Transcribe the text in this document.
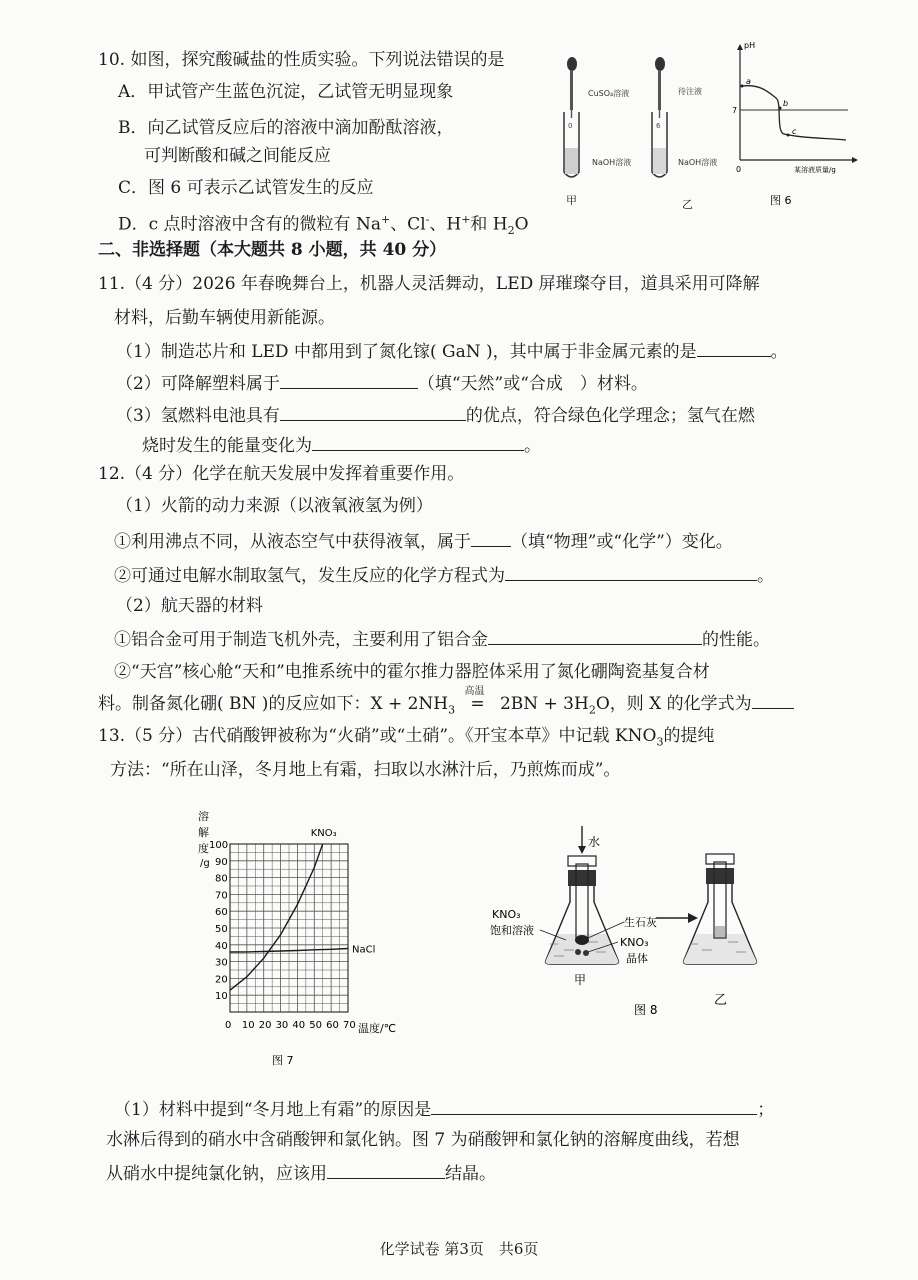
10. 如图，探究酸碱盐的性质实验。下列说法错误的是
A．甲试管产生蓝色沉淀，乙试管无明显现象
B．向乙试管反应后的溶液中滴加酚酞溶液，
可判断酸和碱之间能反应
C．图 6 可表示乙试管发生的反应
D．c 点时溶液中含有的微粒有 Na+、Cl-、H+和 $H_2O$
0
CuSO₄溶液
NaOH溶液
甲
6
待注液
NaOH溶液
乙
pH
7
0	某溶液质量/g
a
b
c
图 6
二、非选择题（本大题共 8 小题，共 40 分）
11.（4 分）2026 年春晚舞台上，机器人灵活舞动，LED 屏璀璨夺目，道具采用可降解
材料，后勤车辆使用新能源。
（1）制造芯片和 LED 中都用到了氮化镓( GaN )，其中属于非金属元素的是	。
（2）可降解塑料属于	（填“天然”或“合成　）材料。
（3）氢燃料电池具有	的优点，符合绿色化学理念；氢气在燃
烧时发生的能量变化为	。
12.（4 分）化学在航天发展中发挥着重要作用。
（1）火箭的动力来源（以液氧液氢为例）
①利用沸点不同，从液态空气中获得液氧，属于 （填“物理”或“化学”）变化。
②可通过电解水制取氢气，发生反应的化学方程式为	。
（2）航天器的材料
①铝合金可用于制造飞机外壳，主要利用了铝合金	的性能。
②“天宫”核心舱“天和”电推系统中的霍尔推力器腔体采用了氮化硼陶瓷基复合材
料。制备氮化硼( BN )的反应如下：$X + 2NH_3$
高温
= $2BN + 3H_2O$，则 X 的化学式为
13.（5 分）古代硝酸钾被称为“火硝”或“土硝”。《开宝本草》中记载 $KNO_3$的提纯
方法：“所在山泽，冬月地上有霜，扫取以水淋汁后，乃煎炼而成”。
0 10 20 30 40 50 60 70
10
20
30
40
50
60
70
80
90
100
KNO₃
NaCl
溶
解
度
/g
温度/℃
图 7
水
KNO₃
饱和溶液
生石灰
KNO₃
晶体
甲
乙
图 8
（1）材料中提到“冬月地上有霜”的原因是	；
水淋后得到的硝水中含硝酸钾和氯化钠。图 7 为硝酸钾和氯化钠的溶解度曲线，若想
从硝水中提纯氯化钠，应该用	结晶。
化学试卷 第3页　共6页
